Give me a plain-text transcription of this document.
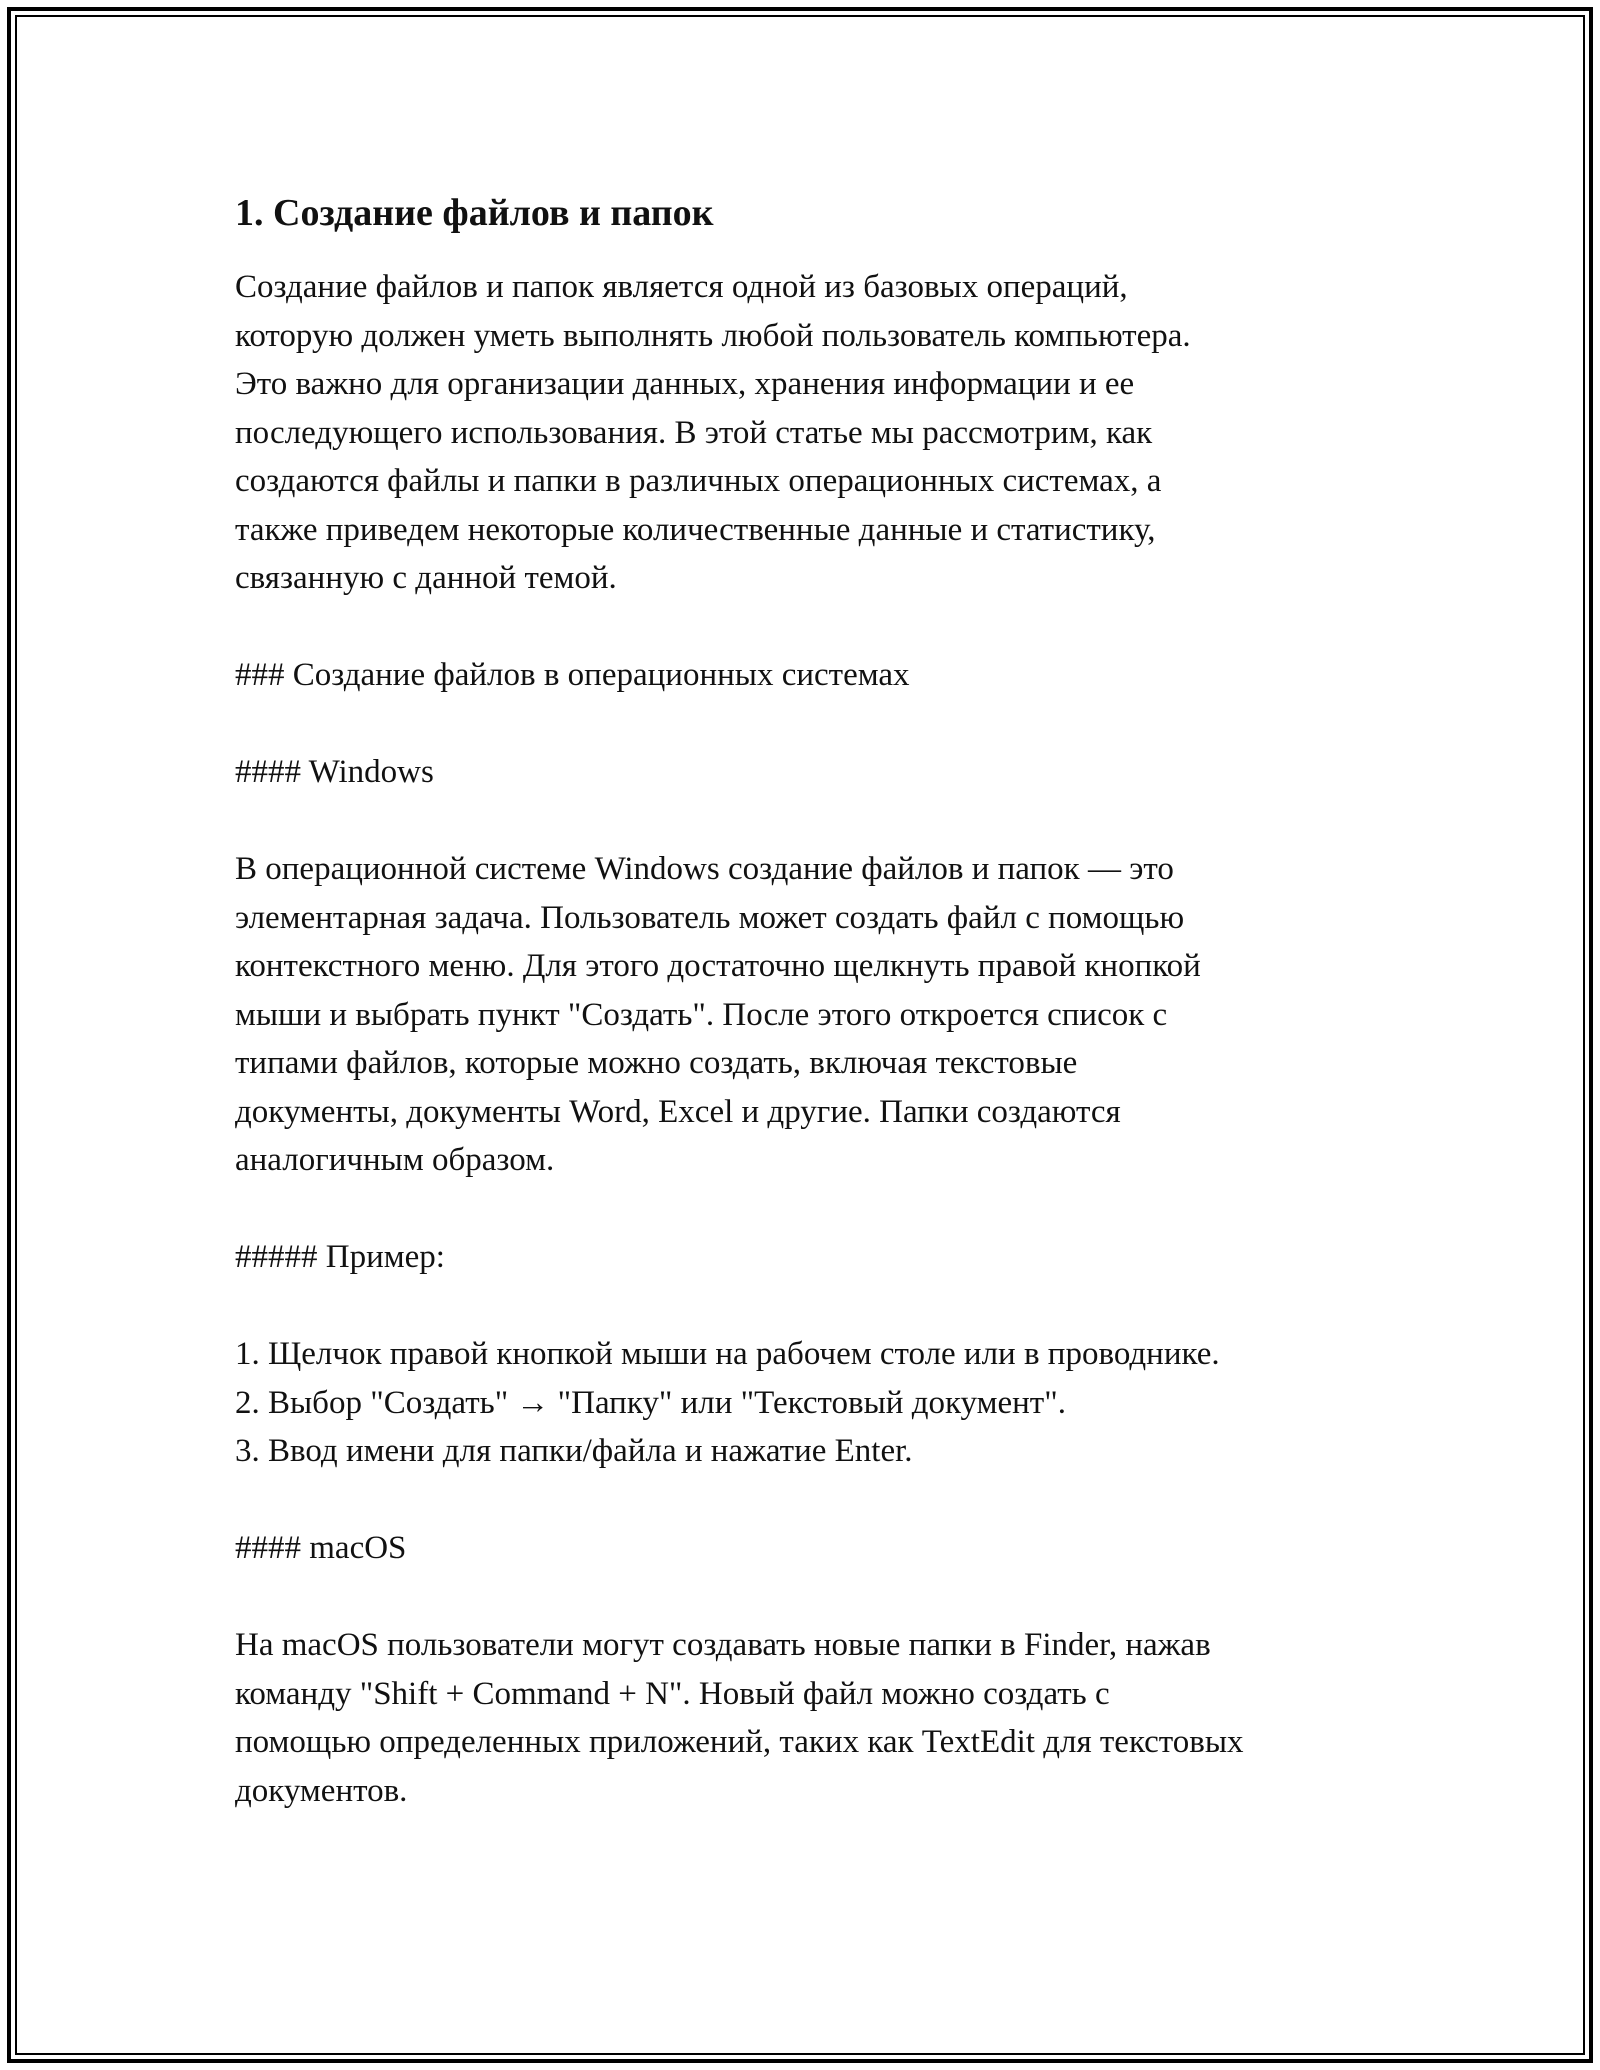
1. Создание файлов и папок

Создание файлов и папок является одной из базовых операций,
которую должен уметь выполнять любой пользователь компьютера.
Это важно для организации данных, хранения информации и ее
последующего использования. В этой статье мы рассмотрим, как
создаются файлы и папки в различных операционных системах, а
также приведем некоторые количественные данные и статистику,
связанную с данной темой.

### Создание файлов в операционных системах

#### Windows

В операционной системе Windows создание файлов и папок — это
элементарная задача. Пользователь может создать файл с помощью
контекстного меню. Для этого достаточно щелкнуть правой кнопкой
мыши и выбрать пункт "Создать". После этого откроется список с
типами файлов, которые можно создать, включая текстовые
документы, документы Word, Excel и другие. Папки создаются
аналогичным образом.

##### Пример:

1. Щелчок правой кнопкой мыши на рабочем столе или в проводнике.
2. Выбор "Создать" → "Папку" или "Текстовый документ".
3. Ввод имени для папки/файла и нажатие Enter.

#### macOS

На macOS пользователи могут создавать новые папки в Finder, нажав
команду "Shift + Command + N". Новый файл можно создать с
помощью определенных приложений, таких как TextEdit для текстовых
документов.
